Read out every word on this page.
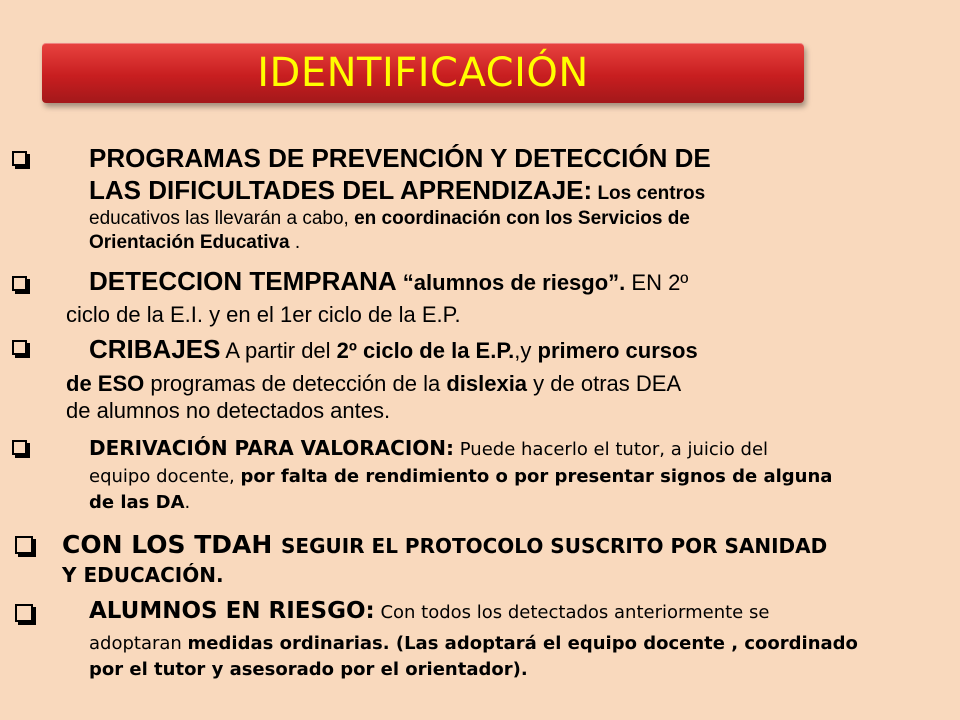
IDENTIFICACIÓN
PROGRAMAS DE PREVENCIÓN Y DETECCIÓN DE
LAS DIFICULTADES DEL APRENDIZAJE: Los centros
educativos las llevarán a cabo, en coordinación con los Servicios de
Orientación Educativa .
DETECCION TEMPRANA “alumnos de riesgo”. EN 2º
ciclo de la E.I. y en el 1er ciclo de la E.P.
CRIBAJES A partir del 2º ciclo de la E.P.,y primero cursos
de ESO programas de detección de la dislexia y de otras DEA
de alumnos no detectados antes.
DERIVACIÓN PARA VALORACION: Puede hacerlo el tutor, a juicio del
equipo docente, por falta de rendimiento o por presentar signos de alguna
de las DA.
CON LOS TDAH SEGUIR EL PROTOCOLO SUSCRITO POR SANIDAD
Y EDUCACIÓN.
ALUMNOS EN RIESGO: Con todos los detectados anteriormente se
adoptaran medidas ordinarias. (Las adoptará el equipo docente , coordinado
por el tutor y asesorado por el orientador).
